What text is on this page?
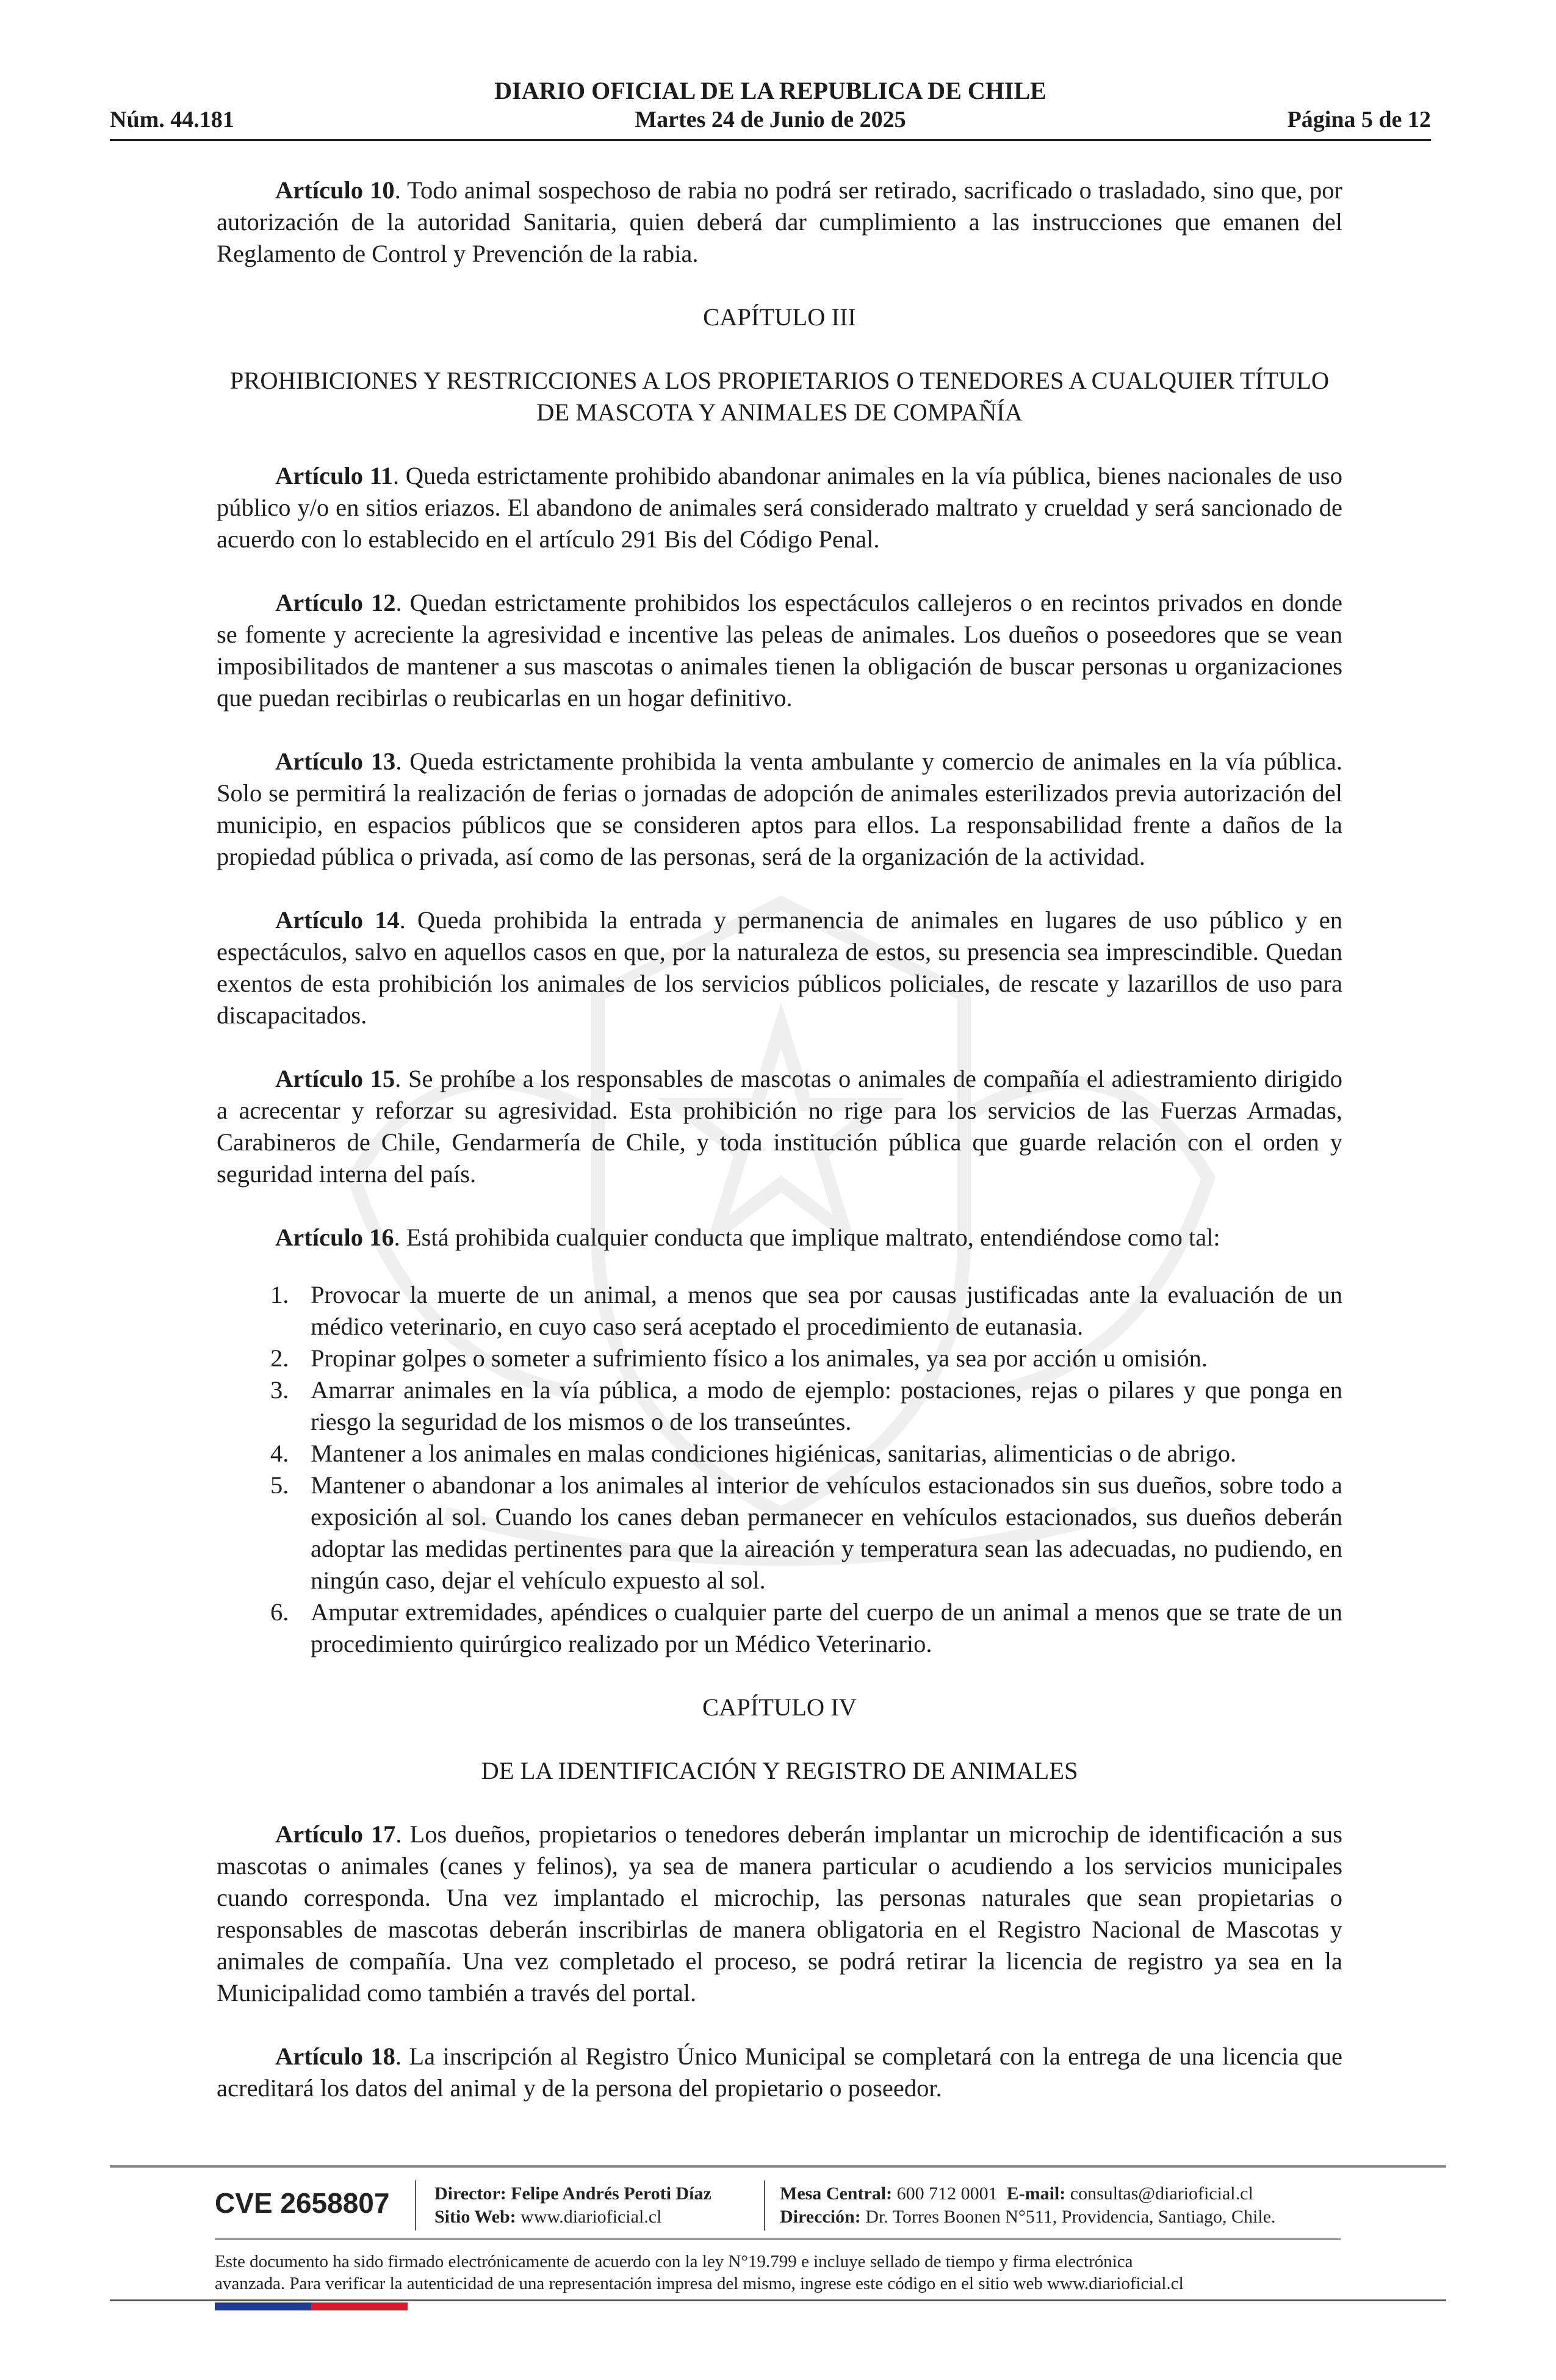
DIARIO OFICIAL DE LA REPUBLICA DE CHILE
Núm. 44.181	Martes 24 de Junio de 2025	Página 5 de 12

Artículo 10. Todo animal sospechoso de rabia no podrá ser retirado, sacrificado o trasladado, sino que, por autorización de la autoridad Sanitaria, quien deberá dar cumplimiento a las instrucciones que emanen del Reglamento de Control y Prevención de la rabia.

CAPÍTULO III
PROHIBICIONES Y RESTRICCIONES A LOS PROPIETARIOS O TENEDORES A CUALQUIER TÍTULO DE MASCOTA Y ANIMALES DE COMPAÑÍA

Artículo 11. Queda estrictamente prohibido abandonar animales en la vía pública, bienes nacionales de uso público y/o en sitios eriazos. El abandono de animales será considerado maltrato y crueldad y será sancionado de acuerdo con lo establecido en el artículo 291 Bis del Código Penal.

Artículo 12. Quedan estrictamente prohibidos los espectáculos callejeros o en recintos privados en donde se fomente y acreciente la agresividad e incentive las peleas de animales. Los dueños o poseedores que se vean imposibilitados de mantener a sus mascotas o animales tienen la obligación de buscar personas u organizaciones que puedan recibirlas o reubicarlas en un hogar definitivo.

Artículo 13. Queda estrictamente prohibida la venta ambulante y comercio de animales en la vía pública. Solo se permitirá la realización de ferias o jornadas de adopción de animales esterilizados previa autorización del municipio, en espacios públicos que se consideren aptos para ellos. La responsabilidad frente a daños de la propiedad pública o privada, así como de las personas, será de la organización de la actividad.

Artículo 14. Queda prohibida la entrada y permanencia de animales en lugares de uso público y en espectáculos, salvo en aquellos casos en que, por la naturaleza de estos, su presencia sea imprescindible. Quedan exentos de esta prohibición los animales de los servicios públicos policiales, de rescate y lazarillos de uso para discapacitados.

Artículo 15. Se prohíbe a los responsables de mascotas o animales de compañía el adiestramiento dirigido a acrecentar y reforzar su agresividad. Esta prohibición no rige para los servicios de las Fuerzas Armadas, Carabineros de Chile, Gendarmería de Chile, y toda institución pública que guarde relación con el orden y seguridad interna del país.

Artículo 16. Está prohibida cualquier conducta que implique maltrato, entendiéndose como tal:

1. Provocar la muerte de un animal, a menos que sea por causas justificadas ante la evaluación de un médico veterinario, en cuyo caso será aceptado el procedimiento de eutanasia.
2. Propinar golpes o someter a sufrimiento físico a los animales, ya sea por acción u omisión.
3. Amarrar animales en la vía pública, a modo de ejemplo: postaciones, rejas o pilares y que ponga en riesgo la seguridad de los mismos o de los transeúntes.
4. Mantener a los animales en malas condiciones higiénicas, sanitarias, alimenticias o de abrigo.
5. Mantener o abandonar a los animales al interior de vehículos estacionados sin sus dueños, sobre todo a exposición al sol. Cuando los canes deban permanecer en vehículos estacionados, sus dueños deberán adoptar las medidas pertinentes para que la aireación y temperatura sean las adecuadas, no pudiendo, en ningún caso, dejar el vehículo expuesto al sol.
6. Amputar extremidades, apéndices o cualquier parte del cuerpo de un animal a menos que se trate de un procedimiento quirúrgico realizado por un Médico Veterinario.
CAPÍTULO IV
DE LA IDENTIFICACIÓN Y REGISTRO DE ANIMALES

Artículo 17. Los dueños, propietarios o tenedores deberán implantar un microchip de identificación a sus mascotas o animales (canes y felinos), ya sea de manera particular o acudiendo a los servicios municipales cuando corresponda. Una vez implantado el microchip, las personas naturales que sean propietarias o responsables de mascotas deberán inscribirlas de manera obligatoria en el Registro Nacional de Mascotas y animales de compañía. Una vez completado el proceso, se podrá retirar la licencia de registro ya sea en la Municipalidad como también a través del portal.

Artículo 18. La inscripción al Registro Único Municipal se completará con la entrega de una licencia que acreditará los datos del animal y de la persona del propietario o poseedor.

CVE 2658807 Director: Felipe Andrés Peroti Díaz
Sitio Web: www.diarioficial.cl
Mesa Central: 600 712 0001 E-mail: consultas@diarioficial.cl
Dirección: Dr. Torres Boonen N°511, Providencia, Santiago, Chile.
Este documento ha sido firmado electrónicamente de acuerdo con la ley N°19.799 e incluye sellado de tiempo y firma electrónica
avanzada. Para verificar la autenticidad de una representación impresa del mismo, ingrese este código en el sitio web www.diarioficial.cl
